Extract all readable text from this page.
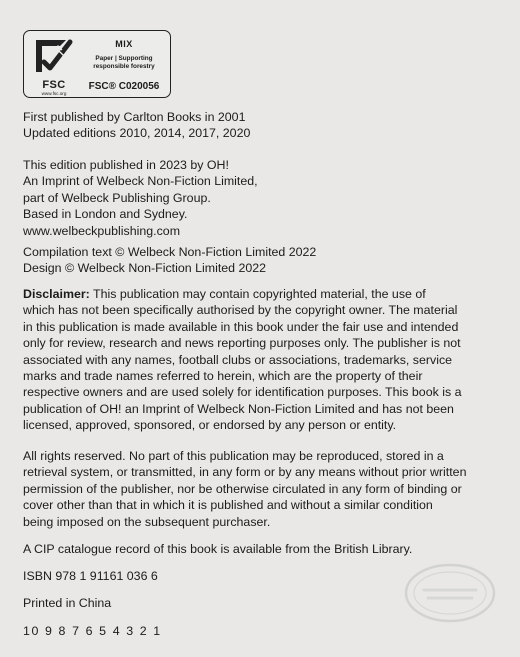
FSC
www.fsc.org
MIX
Paper | Supporting
responsible forestry
FSC® C020056
First published by Carlton Books in 2001
Updated editions 2010, 2014, 2017, 2020
This edition published in 2023 by OH!
An Imprint of Welbeck Non-Fiction Limited,
part of Welbeck Publishing Group.
Based in London and Sydney.
www.welbeckpublishing.com
Compilation text © Welbeck Non-Fiction Limited 2022
Design © Welbeck Non-Fiction Limited 2022
Disclaimer: This publication may contain copyrighted material, the use of
which has not been specifically authorised by the copyright owner. The material
in this publication is made available in this book under the fair use and intended
only for review, research and news reporting purposes only. The publisher is not
associated with any names, football clubs or associations, trademarks, service
marks and trade names referred to herein, which are the property of their
respective owners and are used solely for identification purposes. This book is a
publication of OH! an Imprint of Welbeck Non-Fiction Limited and has not been
licensed, approved, sponsored, or endorsed by any person or entity.
All rights reserved. No part of this publication may be reproduced, stored in a
retrieval system, or transmitted, in any form or by any means without prior written
permission of the publisher, nor be otherwise circulated in any form of binding or
cover other than that in which it is published and without a similar condition
being imposed on the subsequent purchaser.
A CIP catalogue record of this book is available from the British Library.
ISBN 978 1 91161 036 6
Printed in China
10 9 8 7 6 5 4 3 2 1
